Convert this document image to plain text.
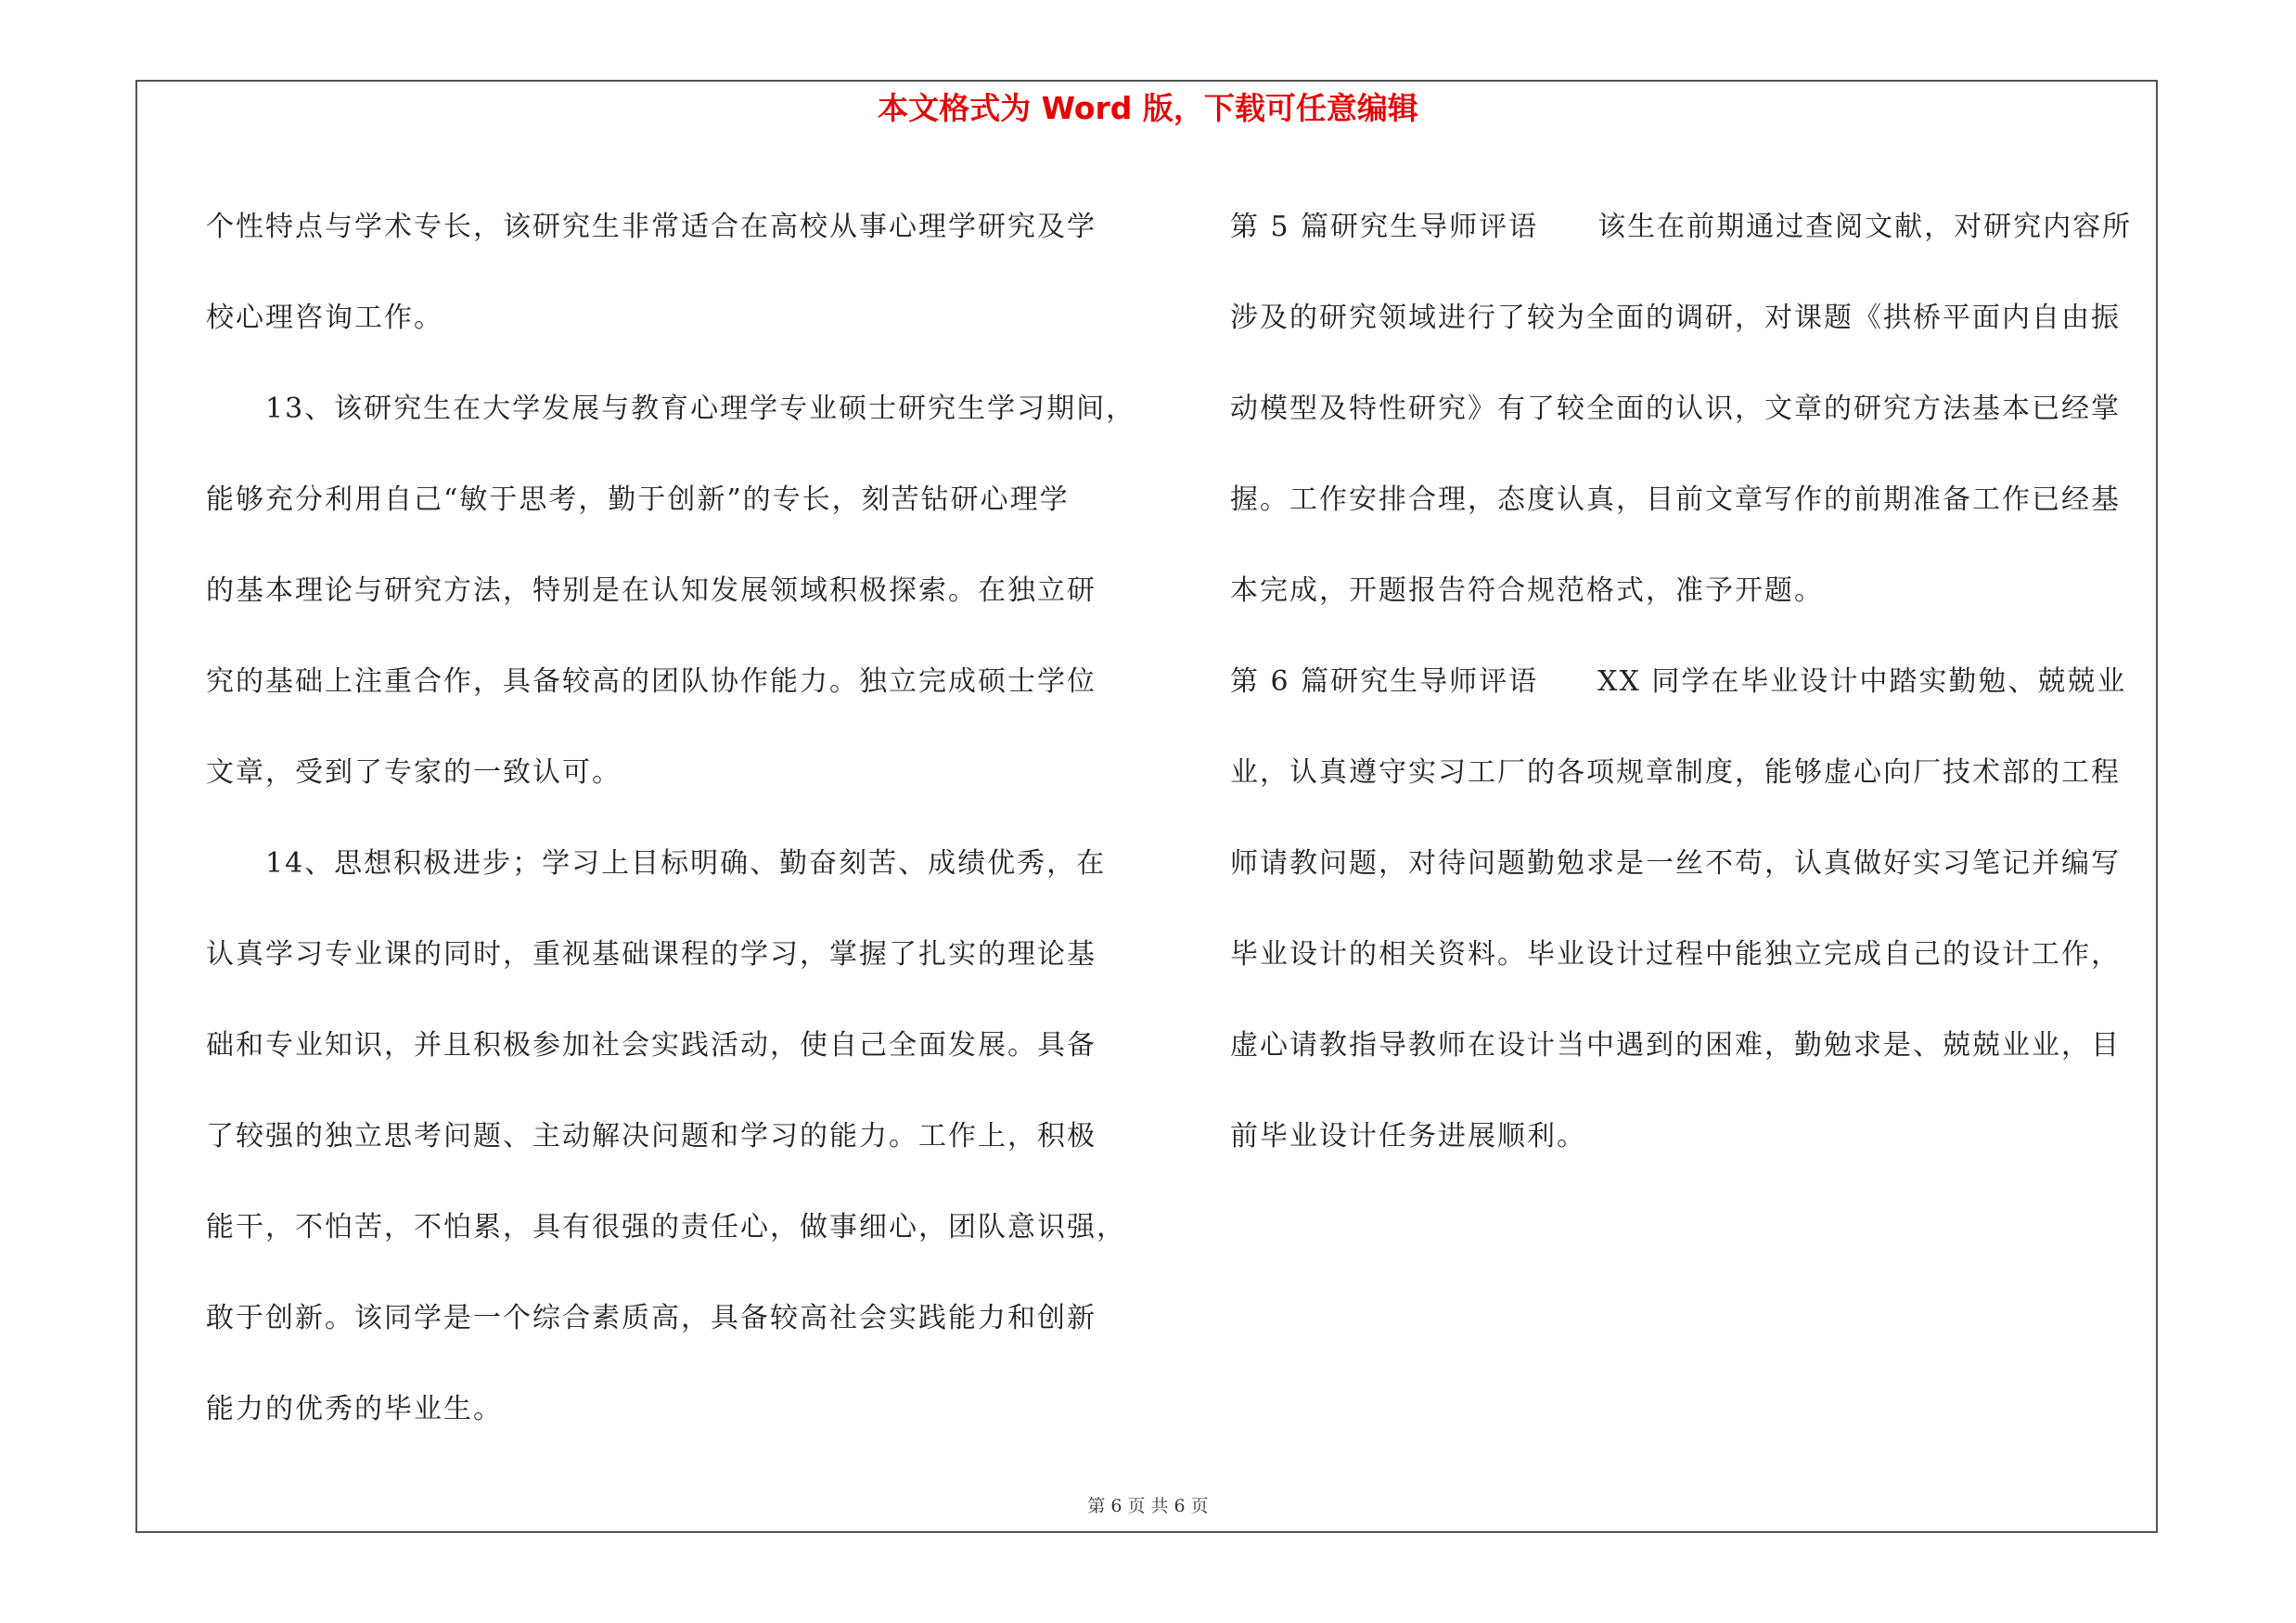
本文格式为 Word 版，下载可任意编辑
个性特点与学术专长，该研究生非常适合在高校从事心理学研究及学
校心理咨询工作。
　　13、该研究生在大学发展与教育心理学专业硕士研究生学习期间，
能够充分利用自己“敏于思考，勤于创新”的专长，刻苦钻研心理学
的基本理论与研究方法，特别是在认知发展领域积极探索。在独立研
究的基础上注重合作，具备较高的团队协作能力。独立完成硕士学位
文章，受到了专家的一致认可。
　　14、思想积极进步；学习上目标明确、勤奋刻苦、成绩优秀，在
认真学习专业课的同时，重视基础课程的学习，掌握了扎实的理论基
础和专业知识，并且积极参加社会实践活动，使自己全面发展。具备
了较强的独立思考问题、主动解决问题和学习的能力。工作上，积极
能干，不怕苦，不怕累，具有很强的责任心，做事细心，团队意识强，
敢于创新。该同学是一个综合素质高，具备较高社会实践能力和创新
能力的优秀的毕业生。
第 5 篇研究生导师评语　　该生在前期通过查阅文献，对研究内容所
涉及的研究领域进行了较为全面的调研，对课题《拱桥平面内自由振
动模型及特性研究》有了较全面的认识，文章的研究方法基本已经掌
握。工作安排合理，态度认真，目前文章写作的前期准备工作已经基
本完成，开题报告符合规范格式，准予开题。
第 6 篇研究生导师评语　　XX 同学在毕业设计中踏实勤勉、兢兢业
业，认真遵守实习工厂的各项规章制度，能够虚心向厂技术部的工程
师请教问题，对待问题勤勉求是一丝不苟，认真做好实习笔记并编写
毕业设计的相关资料。毕业设计过程中能独立完成自己的设计工作，
虚心请教指导教师在设计当中遇到的困难，勤勉求是、兢兢业业，目
前毕业设计任务进展顺利。
第 6 页 共 6 页
